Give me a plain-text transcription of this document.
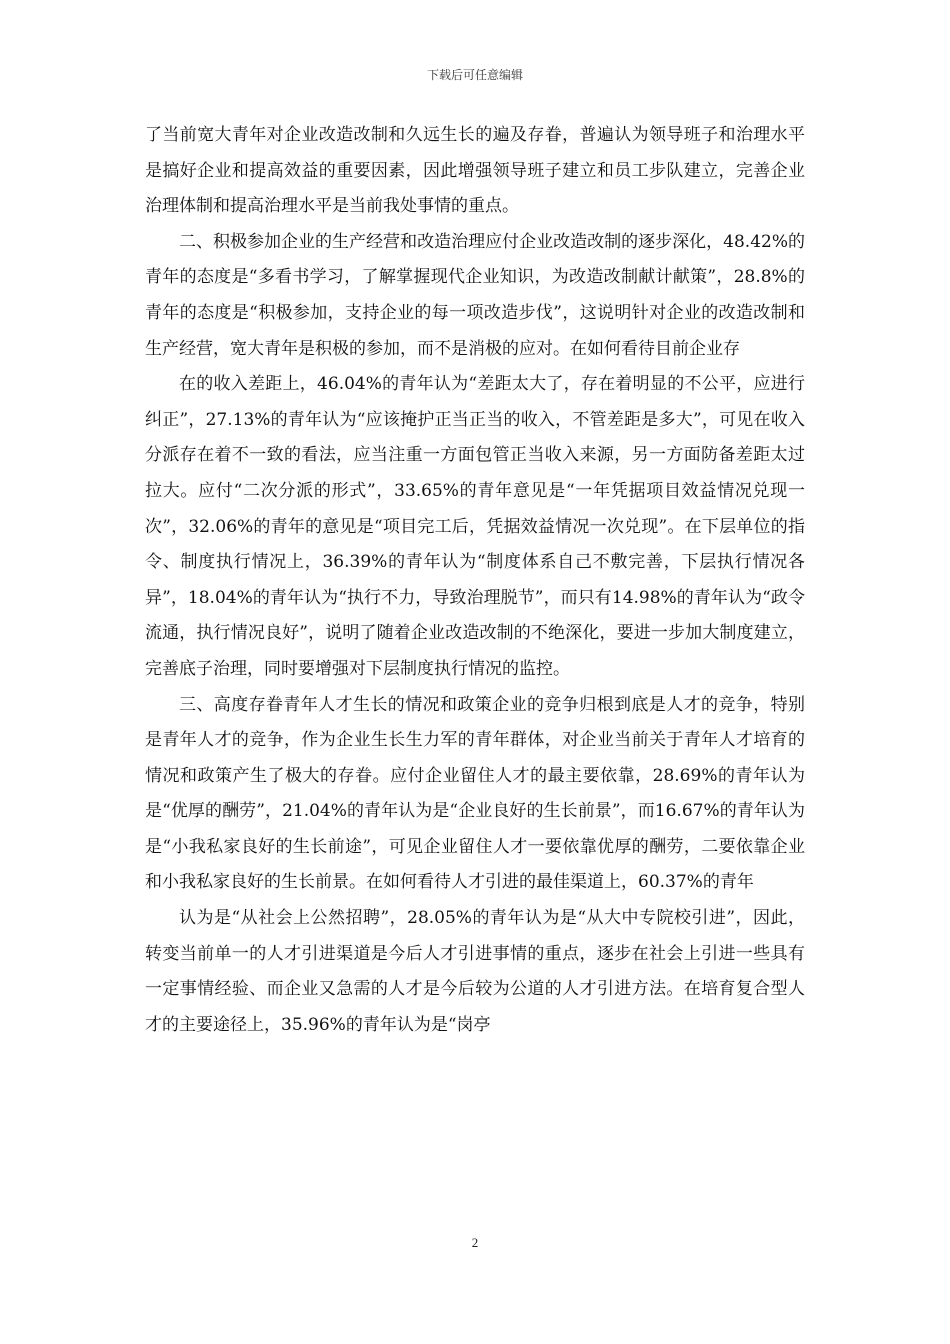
下载后可任意编辑

了当前宽大青年对企业改造改制和久远生长的遍及存眷，普遍认为领导班子和治理水平是搞好企业和提高效益的重要因素，因此增强领导班子建立和员工步队建立，完善企业治理体制和提高治理水平是当前我处事情的重点。

二、积极参加企业的生产经营和改造治理应付企业改造改制的逐步深化，48.42%的青年的态度是“多看书学习，了解掌握现代企业知识，为改造改制献计献策”，28.8%的青年的态度是“积极参加，支持企业的每一项改造步伐”，这说明针对企业的改造改制和生产经营，宽大青年是积极的参加，而不是消极的应对。在如何看待目前企业存

在的收入差距上，46.04%的青年认为“差距太大了，存在着明显的不公平，应进行纠正”，27.13%的青年认为“应该掩护正当正当的收入，不管差距是多大”，可见在收入分派存在着不一致的看法，应当注重一方面包管正当收入来源，另一方面防备差距太过拉大。应付“二次分派的形式”，33.65%的青年意见是“一年凭据项目效益情况兑现一次”，32.06%的青年的意见是“项目完工后，凭据效益情况一次兑现”。在下层单位的指令、制度执行情况上，36.39%的青年认为“制度体系自己不敷完善，下层执行情况各异”，18.04%的青年认为“执行不力，导致治理脱节”，而只有14.98%的青年认为“政令流通，执行情况良好”，说明了随着企业改造改制的不绝深化，要进一步加大制度建立，完善底子治理，同时要增强对下层制度执行情况的监控。

三、高度存眷青年人才生长的情况和政策企业的竞争归根到底是人才的竞争，特别是青年人才的竞争，作为企业生长生力军的青年群体，对企业当前关于青年人才培育的情况和政策产生了极大的存眷。应付企业留住人才的最主要依靠，28.69%的青年认为是“优厚的酬劳”，21.04%的青年认为是“企业良好的生长前景”，而16.67%的青年认为是“小我私家良好的生长前途”，可见企业留住人才一要依靠优厚的酬劳，二要依靠企业和小我私家良好的生长前景。在如何看待人才引进的最佳渠道上，60.37%的青年

认为是“从社会上公然招聘”，28.05%的青年认为是“从大中专院校引进”，因此，转变当前单一的人才引进渠道是今后人才引进事情的重点，逐步在社会上引进一些具有一定事情经验、而企业又急需的人才是今后较为公道的人才引进方法。在培育复合型人才的主要途径上，35.96%的青年认为是“岗亭

2
